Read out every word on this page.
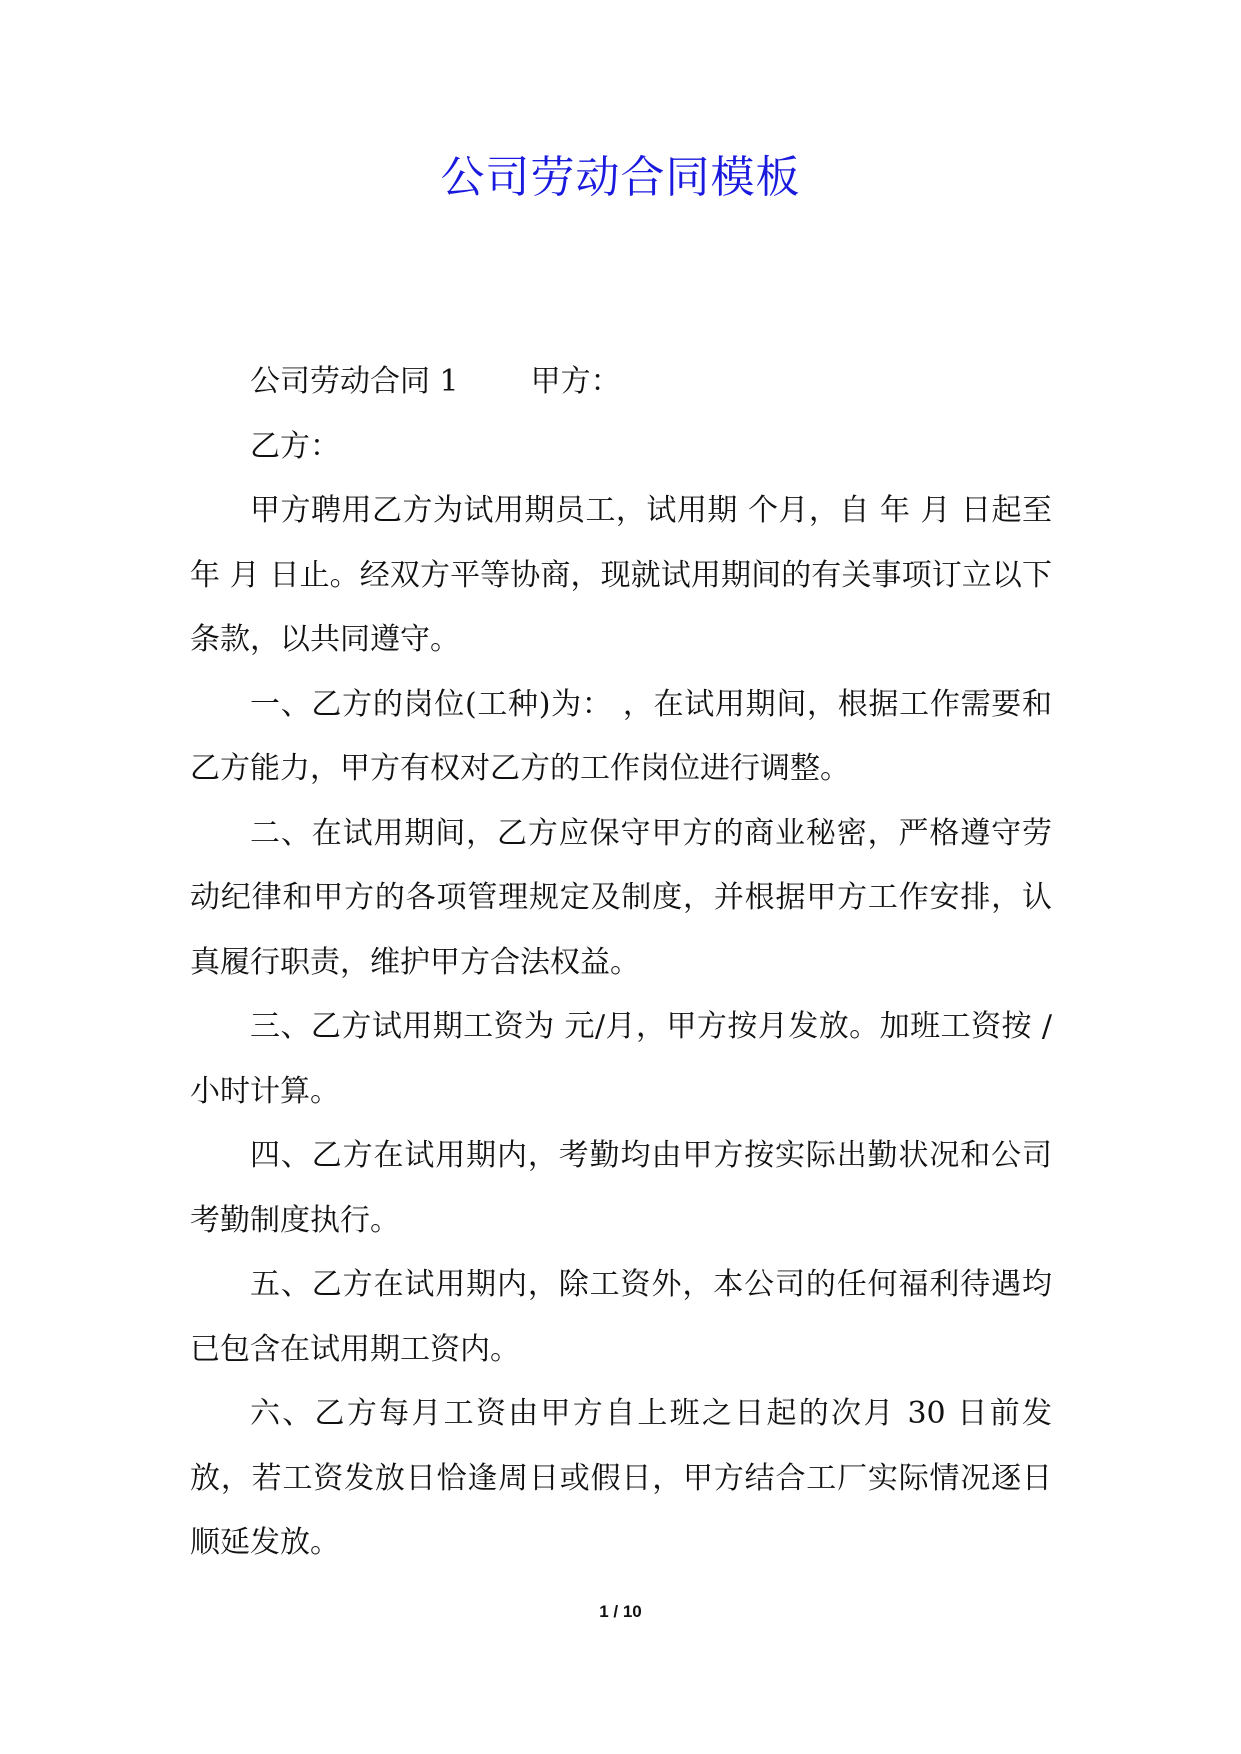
公司劳动合同模板

公司劳动合同 1 甲方：

乙方：

甲方聘用乙方为试用期员工，试用期 个月，自 年 月 日起至 年 月 日止。经双方平等协商，现就试用期间的有关事项订立以下条款，以共同遵守。

一、乙方的岗位(工种)为： ，在试用期间，根据工作需要和乙方能力，甲方有权对乙方的工作岗位进行调整。

二、在试用期间，乙方应保守甲方的商业秘密，严格遵守劳动纪律和甲方的各项管理规定及制度，并根据甲方工作安排，认真履行职责，维护甲方合法权益。

三、乙方试用期工资为 元/月，甲方按月发放。加班工资按 /小时计算。

四、乙方在试用期内，考勤均由甲方按实际出勤状况和公司考勤制度执行。

五、乙方在试用期内，除工资外，本公司的任何福利待遇均已包含在试用期工资内。

六、乙方每月工资由甲方自上班之日起的次月 30 日前发放，若工资发放日恰逢周日或假日，甲方结合工厂实际情况逐日顺延发放。

1 / 10
